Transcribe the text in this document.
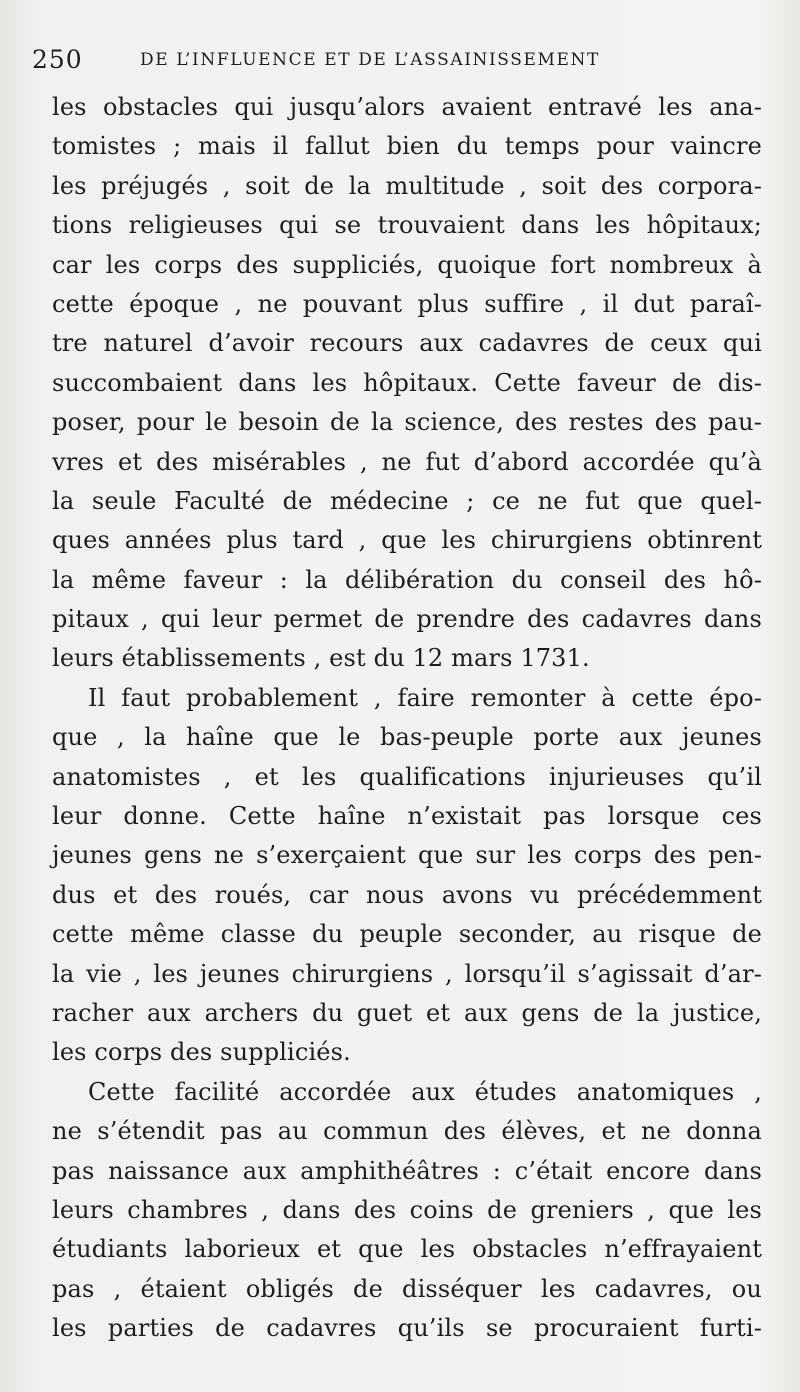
250	DE L’INFLUENCE ET DE L’ASSAINISSEMENT
les obstacles qui jusqu’alors avaient entravé les ana-
tomistes ; mais il fallut bien du temps pour vaincre
les préjugés , soit de la multitude , soit des corpora-
tions religieuses qui se trouvaient dans les hôpitaux;
car les corps des suppliciés, quoique fort nombreux à
cette époque , ne pouvant plus suffire , il dut paraî-
tre naturel d’avoir recours aux cadavres de ceux qui
succombaient dans les hôpitaux. Cette faveur de dis-
poser, pour le besoin de la science, des restes des pau-
vres et des misérables , ne fut d’abord accordée qu’à
la seule Faculté de médecine ; ce ne fut que quel-
ques années plus tard , que les chirurgiens obtinrent
la même faveur : la délibération du conseil des hô-
pitaux , qui leur permet de prendre des cadavres dans
leurs établissements , est du 12 mars 1731.
Il faut probablement , faire remonter à cette épo-
que , la haîne que le bas-peuple porte aux jeunes
anatomistes , et les qualifications injurieuses qu’il
leur donne. Cette haîne n’existait pas lorsque ces
jeunes gens ne s’exerçaient que sur les corps des pen-
dus et des roués, car nous avons vu précédemment
cette même classe du peuple seconder, au risque de
la vie , les jeunes chirurgiens , lorsqu’il s’agissait d’ar-
racher aux archers du guet et aux gens de la justice,
les corps des suppliciés.
Cette facilité accordée aux études anatomiques ,
ne s’étendit pas au commun des élèves, et ne donna
pas naissance aux amphithéâtres : c’était encore dans
leurs chambres , dans des coins de greniers , que les
étudiants laborieux et que les obstacles n’effrayaient
pas , étaient obligés de disséquer les cadavres, ou
les parties de cadavres qu’ils se procuraient furti-
